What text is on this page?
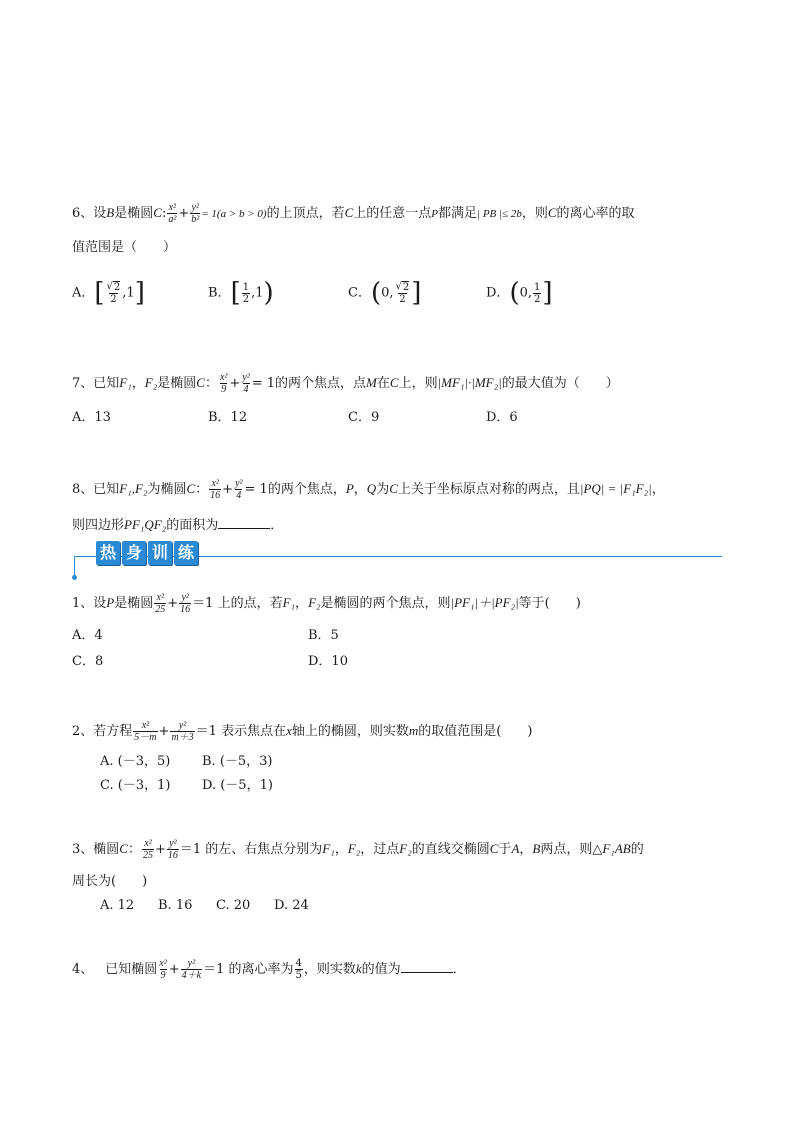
6、设B是椭圆C: $\frac{\text{x²}}{\text{a²}} + \frac{\text{y²}}{\text{b²}} = 1(a > b > 0)$的上顶点，若C上的任意一点P都满足| PB |≤ 2b，则C的离心率的取
值范围是（　　）
A．[ $\frac{√ 2}{2} ,1$]	B．[ $\frac{1}{2} ,1$)	C．(0, $\frac{√ 2}{2}$ ]	D．(0, $\frac{1}{2}$ ]
7、已知F₁，F₂是椭圆C： $\frac{\text{x²}}{9} + \frac{\text{y²}}{4} = 1$的两个焦点，点M在C上，则|MF₁|·|MF₂|的最大值为（　　）
A．13	B．12	C．9	D．6
8、已知F₁,F₂为椭圆C： $\frac{\text{x²}}{16} + \frac{\text{y²}}{4} = 1$的两个焦点，P，Q为C上关于坐标原点对称的两点，且|PQ| = |F₁F₂|，
则四边形PF₁QF₂的面积为	．
热 身 训 练
1、设P是椭圆 $\frac{\text{x²}}{25} + \frac{\text{y²}}{16} =1$ 上的点，若F₁，F₂是椭圆的两个焦点，则|PF₁|＋|PF₂|等于(　　)
A．4	B．5
C．8	D．10
2、若方程 $\frac{\text{x²}}{5-m} + \frac{\text{y²}}{m+3} =1$ 表示焦点在x轴上的椭圆，则实数m的取值范围是(　　)
A. (－3，5) B. (－5，3)
C. (－3，1) D. (－5，1)
3、椭圆C： $\frac{\text{x²}}{25} + \frac{\text{y²}}{16} =1$ 的左、右焦点分别为F₁，F₂，过点F₂的直线交椭圆C于A，B两点，则△F₁AB的
周长为(　　)
A. 12 B. 16 C. 20 D. 24
4、 已知椭圆 $\frac{\text{x²}}{9} + \frac{\text{y²}}{4+k} =1$ 的离心率为 $\frac{4}{5}$ ，则实数k的值为	．
